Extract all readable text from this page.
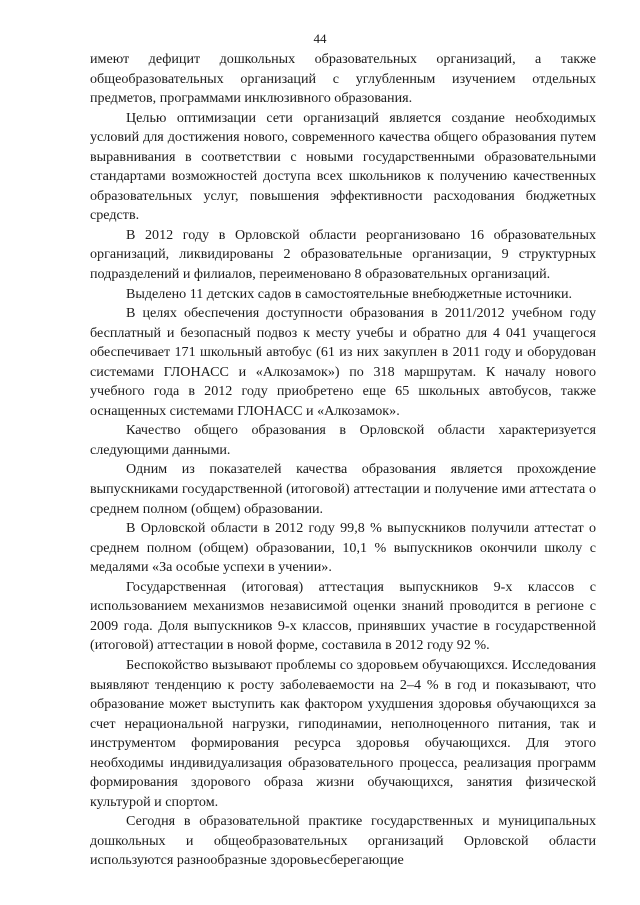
44

имеют дефицит дошкольных образовательных организаций, а также общеобразовательных организаций с углубленным изучением отдельных предметов, программами инклюзивного образования.

Целью оптимизации сети организаций является создание необходимых условий для достижения нового, современного качества общего образования путем выравнивания в соответствии с новыми государственными образовательными стандартами возможностей доступа всех школьников к получению качественных образовательных услуг, повышения эффективности расходования бюджетных средств.

В 2012 году в Орловской области реорганизовано 16 образовательных организаций, ликвидированы 2 образовательные организации, 9 структурных подразделений и филиалов, переименовано 8 образовательных организаций.

Выделено 11 детских садов в самостоятельные внебюджетные источники.

В целях обеспечения доступности образования в 2011/2012 учебном году бесплатный и безопасный подвоз к месту учебы и обратно для 4 041 учащегося обеспечивает 171 школьный автобус (61 из них закуплен в 2011 году и оборудован системами ГЛОНАСС и «Алкозамок») по 318 маршрутам. К началу нового учебного года в 2012 году приобретено еще 65 школьных автобусов, также оснащенных системами ГЛОНАСС и «Алкозамок».

Качество общего образования в Орловской области характеризуется следующими данными.

Одним из показателей качества образования является прохождение выпускниками государственной (итоговой) аттестации и получение ими аттестата о среднем полном (общем) образовании.

В Орловской области в 2012 году 99,8 % выпускников получили аттестат о среднем полном (общем) образовании, 10,1 % выпускников окончили школу с медалями «За особые успехи в учении».

Государственная (итоговая) аттестация выпускников 9-х классов с использованием механизмов независимой оценки знаний проводится в регионе с 2009 года. Доля выпускников 9-х классов, принявших участие в государственной (итоговой) аттестации в новой форме, составила в 2012 году 92 %.

Беспокойство вызывают проблемы со здоровьем обучающихся. Исследования выявляют тенденцию к росту заболеваемости на 2–4 % в год и показывают, что образование может выступить как фактором ухудшения здоровья обучающихся за счет нерациональной нагрузки, гиподинамии, неполноценного питания, так и инструментом формирования ресурса здоровья обучающихся. Для этого необходимы индивидуализация образовательного процесса, реализация программ формирования здорового образа жизни обучающихся, занятия физической культурой и спортом.

Сегодня в образовательной практике государственных и муниципальных дошкольных и общеобразовательных организаций Орловской области используются разнообразные здоровьесберегающие
